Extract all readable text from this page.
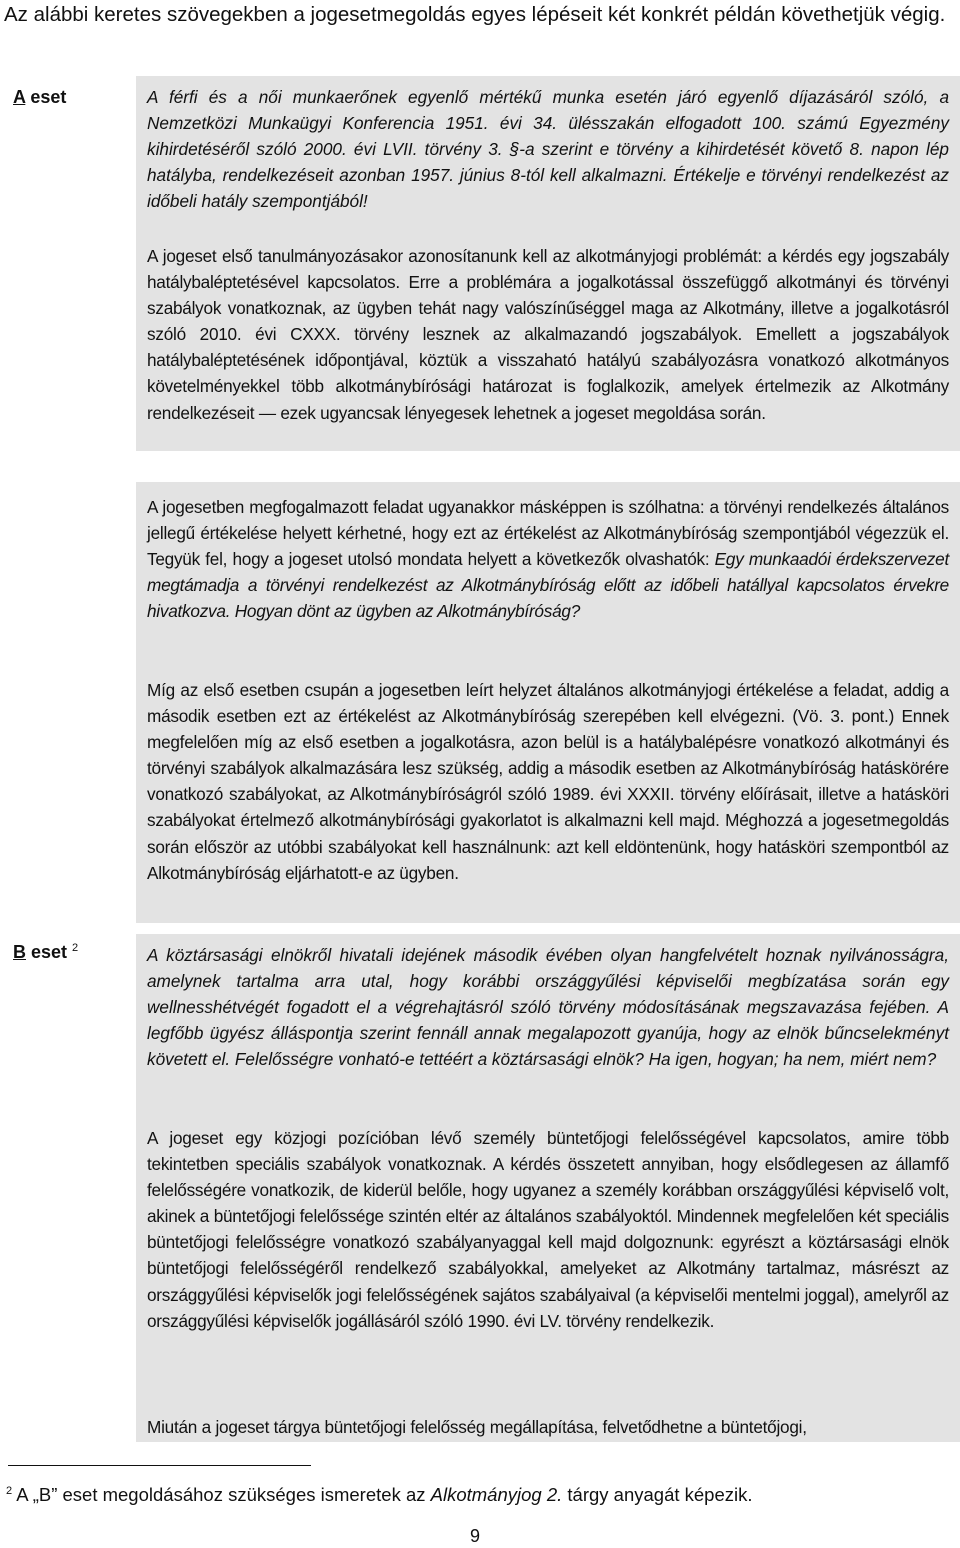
Az alábbi keretes szövegekben a jogesetmegoldás egyes lépéseit két konkrét példán követhetjük végig.
A eset	A férfi és a női munkaerőnek egyenlő mértékű munka esetén járó egyenlő díjazásáról szóló, a Nemzetközi Munkaügyi Konferencia 1951. évi 34. ülésszakán elfogadott 100. számú Egyezmény kihirdetéséről szóló 2000. évi LVII. törvény 3. §-a szerint e törvény a kihirdetését követő 8. napon lép hatályba, rendelkezéseit azonban 1957. június 8-tól kell alkalmazni. Értékelje e törvényi rendelkezést az időbeli hatály szempontjából!

A jogeset első tanulmányozásakor azonosítanunk kell az alkotmányjogi problémát: a kérdés egy jogszabály hatálybaléptetésével kapcsolatos. Erre a problémára a jogalkotással összefüggő alkotmányi és törvényi szabályok vonatkoznak, az ügyben tehát nagy valószínűséggel maga az Alkotmány, illetve a jogalkotásról szóló 2010. évi CXXX. törvény lesznek az alkalmazandó jogszabályok. Emellett a jogszabályok hatálybaléptetésének időpontjával, köztük a visszaható hatályú szabályozásra vonatkozó alkotmányos követelményekkel több alkotmánybírósági határozat is foglalkozik, amelyek értelmezik az Alkotmány rendelkezéseit — ezek ugyancsak lényegesek lehetnek a jogeset megoldása során.

A jogesetben megfogalmazott feladat ugyanakkor másképpen is szólhatna: a törvényi rendelkezés általános jellegű értékelése helyett kérhetné, hogy ezt az értékelést az Alkotmánybíróság szempontjából végezzük el. Tegyük fel, hogy a jogeset utolsó mondata helyett a következők olvashatók: Egy munkaadói érdekszervezet megtámadja a törvényi rendelkezést az Alkotmánybíróság előtt az időbeli hatállyal kapcsolatos érvekre hivatkozva. Hogyan dönt az ügyben az Alkotmánybíróság?

Míg az első esetben csupán a jogesetben leírt helyzet általános alkotmányjogi értékelése a feladat, addig a második esetben ezt az értékelést az Alkotmánybíróság szerepében kell elvégezni. (Vö. 3. pont.) Ennek megfelelően míg az első esetben a jogalkotásra, azon belül is a hatálybalépésre vonatkozó alkotmányi és törvényi szabályok alkalmazására lesz szükség, addig a második esetben az Alkotmánybíróság hatáskörére vonatkozó szabályokat, az Alkotmánybíróságról szóló 1989. évi XXXII. törvény előírásait, illetve a hatásköri szabályokat értelmező alkotmánybírósági gyakorlatot is alkalmazni kell majd. Méghozzá a jogesetmegoldás során először az utóbbi szabályokat kell használnunk: azt kell eldöntenünk, hogy hatásköri szempontból az Alkotmánybíróság eljárhatott-e az ügyben.

B eset $^2$	A köztársasági elnökről hivatali idejének második évében olyan hangfelvételt hoznak nyilvánosságra, amelynek tartalma arra utal, hogy korábbi országgyűlési képviselői megbízatása során egy wellnesshétvégét fogadott el a végrehajtásról szóló törvény módosításának megszavazása fejében. A legfőbb ügyész álláspontja szerint fennáll annak megalapozott gyanúja, hogy az elnök bűncselekményt követett el. Felelősségre vonható-e tettéért a köztársasági elnök? Ha igen, hogyan; ha nem, miért nem?

A jogeset egy közjogi pozícióban lévő személy büntetőjogi felelősségével kapcsolatos, amire több tekintetben speciális szabályok vonatkoznak. A kérdés összetett annyiban, hogy elsődlegesen az államfő felelősségére vonatkozik, de kiderül belőle, hogy ugyanez a személy korábban országgyűlési képviselő volt, akinek a büntetőjogi felelőssége szintén eltér az általános szabályoktól. Mindennek megfelelően két speciális büntetőjogi felelősségre vonatkozó szabályanyaggal kell majd dolgoznunk: egyrészt a köztársasági elnök büntetőjogi felelősségéről rendelkező szabályokkal, amelyeket az Alkotmány tartalmaz, másrészt az országgyűlési képviselők jogi felelősségének sajátos szabályaival (a képviselői mentelmi joggal), amelyről az országgyűlési képviselők jogállásáról szóló 1990. évi LV. törvény rendelkezik.

Miután a jogeset tárgya büntetőjogi felelősség megállapítása, felvetődhetne a büntetőjogi,

$^2$ A „B” eset megoldásához szükséges ismeretek az Alkotmányjog 2. tárgy anyagát képezik.
9
